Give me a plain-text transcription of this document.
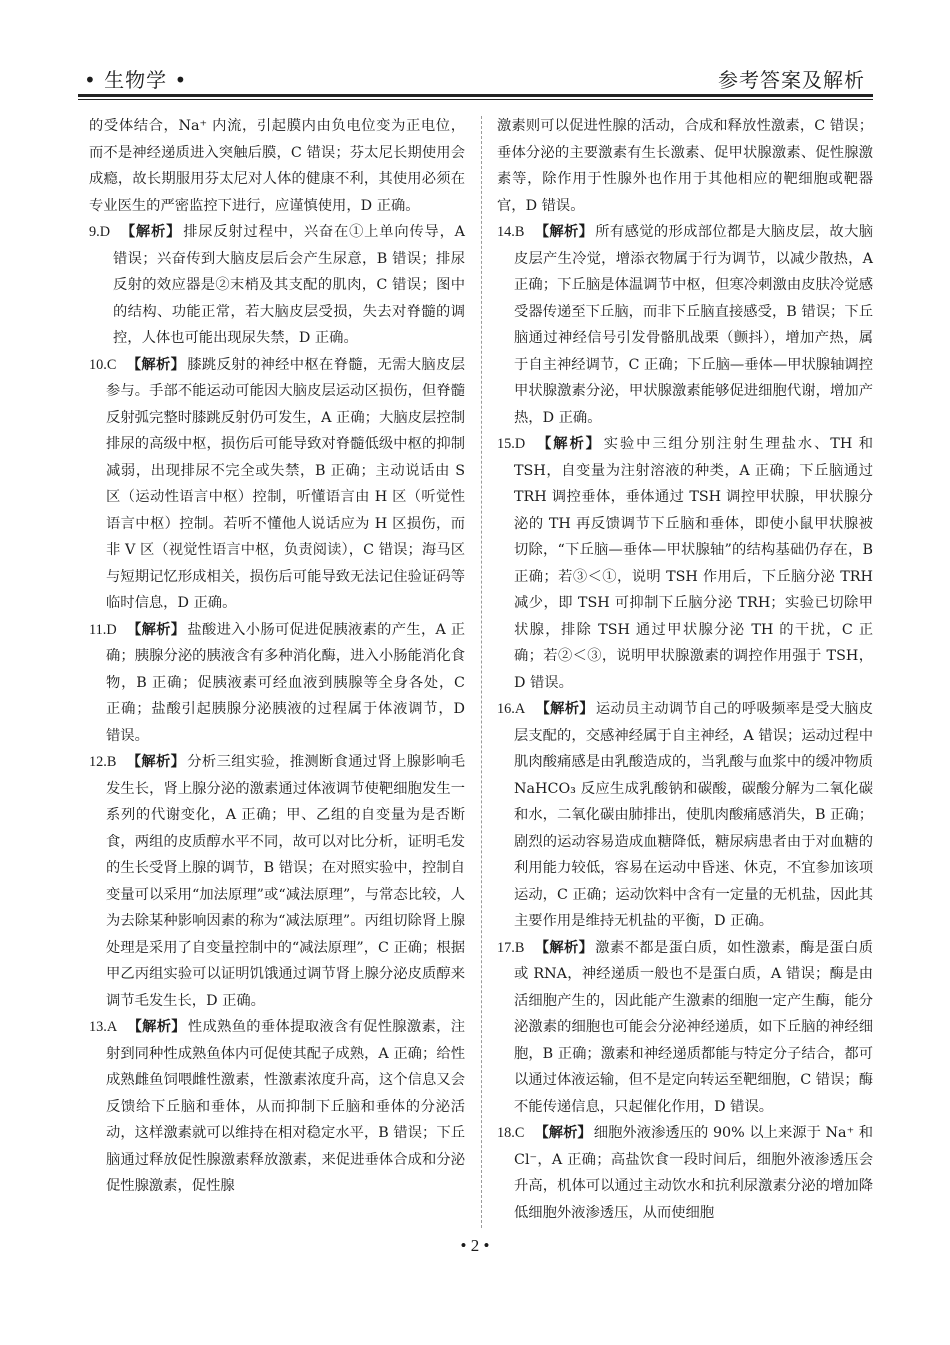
• 生物学 •	参考答案及解析

的受体结合，Na⁺ 内流，引起膜内由负电位变为正电位，而不是神经递质进入突触后膜，C 错误；芬太尼长期使用会成瘾，故长期服用芬太尼对人体的健康不利，其使用必须在专业医生的严密监控下进行，应谨慎使用，D 正确。

9.D 【解析】 排尿反射过程中，兴奋在①上单向传导，A 错误；兴奋传到大脑皮层后会产生尿意，B 错误；排尿反射的效应器是②末梢及其支配的肌肉，C 错误；图中的结构、功能正常，若大脑皮层受损，失去对脊髓的调控，人体也可能出现尿失禁，D 正确。

10.C 【解析】 膝跳反射的神经中枢在脊髓，无需大脑皮层参与。手部不能运动可能因大脑皮层运动区损伤，但脊髓反射弧完整时膝跳反射仍可发生，A 正确；大脑皮层控制排尿的高级中枢，损伤后可能导致对脊髓低级中枢的抑制减弱，出现排尿不完全或失禁，B 正确；主动说话由 S 区（运动性语言中枢）控制，听懂语言由 H 区（听觉性语言中枢）控制。若听不懂他人说话应为 H 区损伤，而非 V 区（视觉性语言中枢，负责阅读），C 错误；海马区与短期记忆形成相关，损伤后可能导致无法记住验证码等临时信息，D 正确。

11.D 【解析】 盐酸进入小肠可促进促胰液素的产生，A 正确；胰腺分泌的胰液含有多种消化酶，进入小肠能消化食物，B 正确；促胰液素可经血液到胰腺等全身各处，C 正确；盐酸引起胰腺分泌胰液的过程属于体液调节，D 错误。

12.B 【解析】 分析三组实验，推测断食通过肾上腺影响毛发生长，肾上腺分泌的激素通过体液调节使靶细胞发生一系列的代谢变化，A 正确；甲、乙组的自变量为是否断食，两组的皮质醇水平不同，故可以对比分析，证明毛发的生长受肾上腺的调节，B 错误；在对照实验中，控制自变量可以采用“加法原理”或“减法原理”，与常态比较，人为去除某种影响因素的称为“减法原理”。丙组切除肾上腺处理是采用了自变量控制中的“减法原理”，C 正确；根据甲乙丙组实验可以证明饥饿通过调节肾上腺分泌皮质醇来调节毛发生长，D 正确。

13.A 【解析】 性成熟鱼的垂体提取液含有促性腺激素，注射到同种性成熟鱼体内可促使其配子成熟，A 正确；给性成熟雌鱼饲喂雌性激素，性激素浓度升高，这个信息又会反馈给下丘脑和垂体，从而抑制下丘脑和垂体的分泌活动，这样激素就可以维持在相对稳定水平，B 错误；下丘脑通过释放促性腺激素释放激素，来促进垂体合成和分泌促性腺激素，促性腺

激素则可以促进性腺的活动，合成和释放性激素，C 错误；垂体分泌的主要激素有生长激素、促甲状腺激素、促性腺激素等，除作用于性腺外也作用于其他相应的靶细胞或靶器官，D 错误。

14.B 【解析】 所有感觉的形成部位都是大脑皮层，故大脑皮层产生冷觉，增添衣物属于行为调节，以减少散热，A 正确；下丘脑是体温调节中枢，但寒冷刺激由皮肤冷觉感受器传递至下丘脑，而非下丘脑直接感受，B 错误；下丘脑通过神经信号引发骨骼肌战栗（颤抖），增加产热，属于自主神经调节，C 正确；下丘脑—垂体—甲状腺轴调控甲状腺激素分泌，甲状腺激素能够促进细胞代谢，增加产热，D 正确。

15.D 【解析】 实验中三组分别注射生理盐水、TH 和 TSH，自变量为注射溶液的种类，A 正确；下丘脑通过 TRH 调控垂体，垂体通过 TSH 调控甲状腺，甲状腺分泌的 TH 再反馈调节下丘脑和垂体，即使小鼠甲状腺被切除，“下丘脑—垂体—甲状腺轴”的结构基础仍存在，B 正确；若③＜①，说明 TSH 作用后，下丘脑分泌 TRH 减少，即 TSH 可抑制下丘脑分泌 TRH；实验已切除甲状腺，排除 TSH 通过甲状腺分泌 TH 的干扰，C 正确；若②＜③，说明甲状腺激素的调控作用强于 TSH，D 错误。

16.A 【解析】 运动员主动调节自己的呼吸频率是受大脑皮层支配的，交感神经属于自主神经，A 错误；运动过程中肌肉酸痛感是由乳酸造成的，当乳酸与血浆中的缓冲物质 NaHCO₃ 反应生成乳酸钠和碳酸，碳酸分解为二氧化碳和水，二氧化碳由肺排出，使肌肉酸痛感消失，B 正确；剧烈的运动容易造成血糖降低，糖尿病患者由于对血糖的利用能力较低，容易在运动中昏迷、休克，不宜参加该项运动，C 正确；运动饮料中含有一定量的无机盐，因此其主要作用是维持无机盐的平衡，D 正确。

17.B 【解析】 激素不都是蛋白质，如性激素，酶是蛋白质或 RNA，神经递质一般也不是蛋白质，A 错误；酶是由活细胞产生的，因此能产生激素的细胞一定产生酶，能分泌激素的细胞也可能会分泌神经递质，如下丘脑的神经细胞，B 正确；激素和神经递质都能与特定分子结合，都可以通过体液运输，但不是定向转运至靶细胞，C 错误；酶不能传递信息，只起催化作用，D 错误。

18.C 【解析】 细胞外液渗透压的 90% 以上来源于 Na⁺ 和 Cl⁻，A 正确；高盐饮食一段时间后，细胞外液渗透压会升高，机体可以通过主动饮水和抗利尿激素分泌的增加降低细胞外液渗透压，从而使细胞

• 2 •
